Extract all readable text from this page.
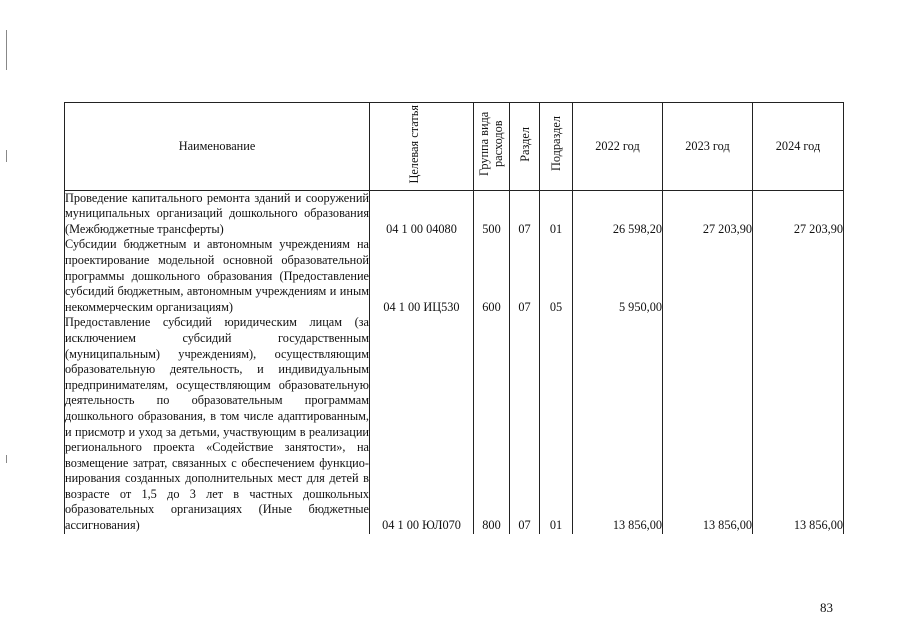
Наименование	Целевая статья	Группа вида расходов	Раздел	Подраздел	2022 год	2023 год	2024 год
Проведение капитального ремонта зданий и сооружений муниципальных организаций дошкольного образования (Межбюджетные трансферты)	04 1 00 04080	500	07	01	26 598,20	27 203,90	27 203,90
Субсидии бюджетным и автономным учреждениям на проектирование модельной основной образовательной программы дошкольного образования (Предоставление субсидий бюджетным, автономным учреждениям и иным некоммерческим организациям)	04 1 00 ИЦ530	600	07	05	5 950,00		
Предоставление субсидий юридическим лицам (за исключением субсидий государственным (муниципальным) учреждениям), осуществляющим образовательную деятельность, и индивидуальным предпринимателям, осуществляющим образовательную деятельность по образовательным программам дошкольного образования, в том числе адаптированным, и присмотр и уход за детьми, участвующим в реализации регионального проекта «Содействие занятости», на возмещение затрат, связанных с обеспечением функционирования созданных дополнительных мест для детей в возрасте от 1,5 до 3 лет в частных дошкольных образовательных организациях (Иные бюджетные ассигнования)	04 1 00 ЮЛ070	800	07	01	13 856,00	13 856,00	13 856,00
83
